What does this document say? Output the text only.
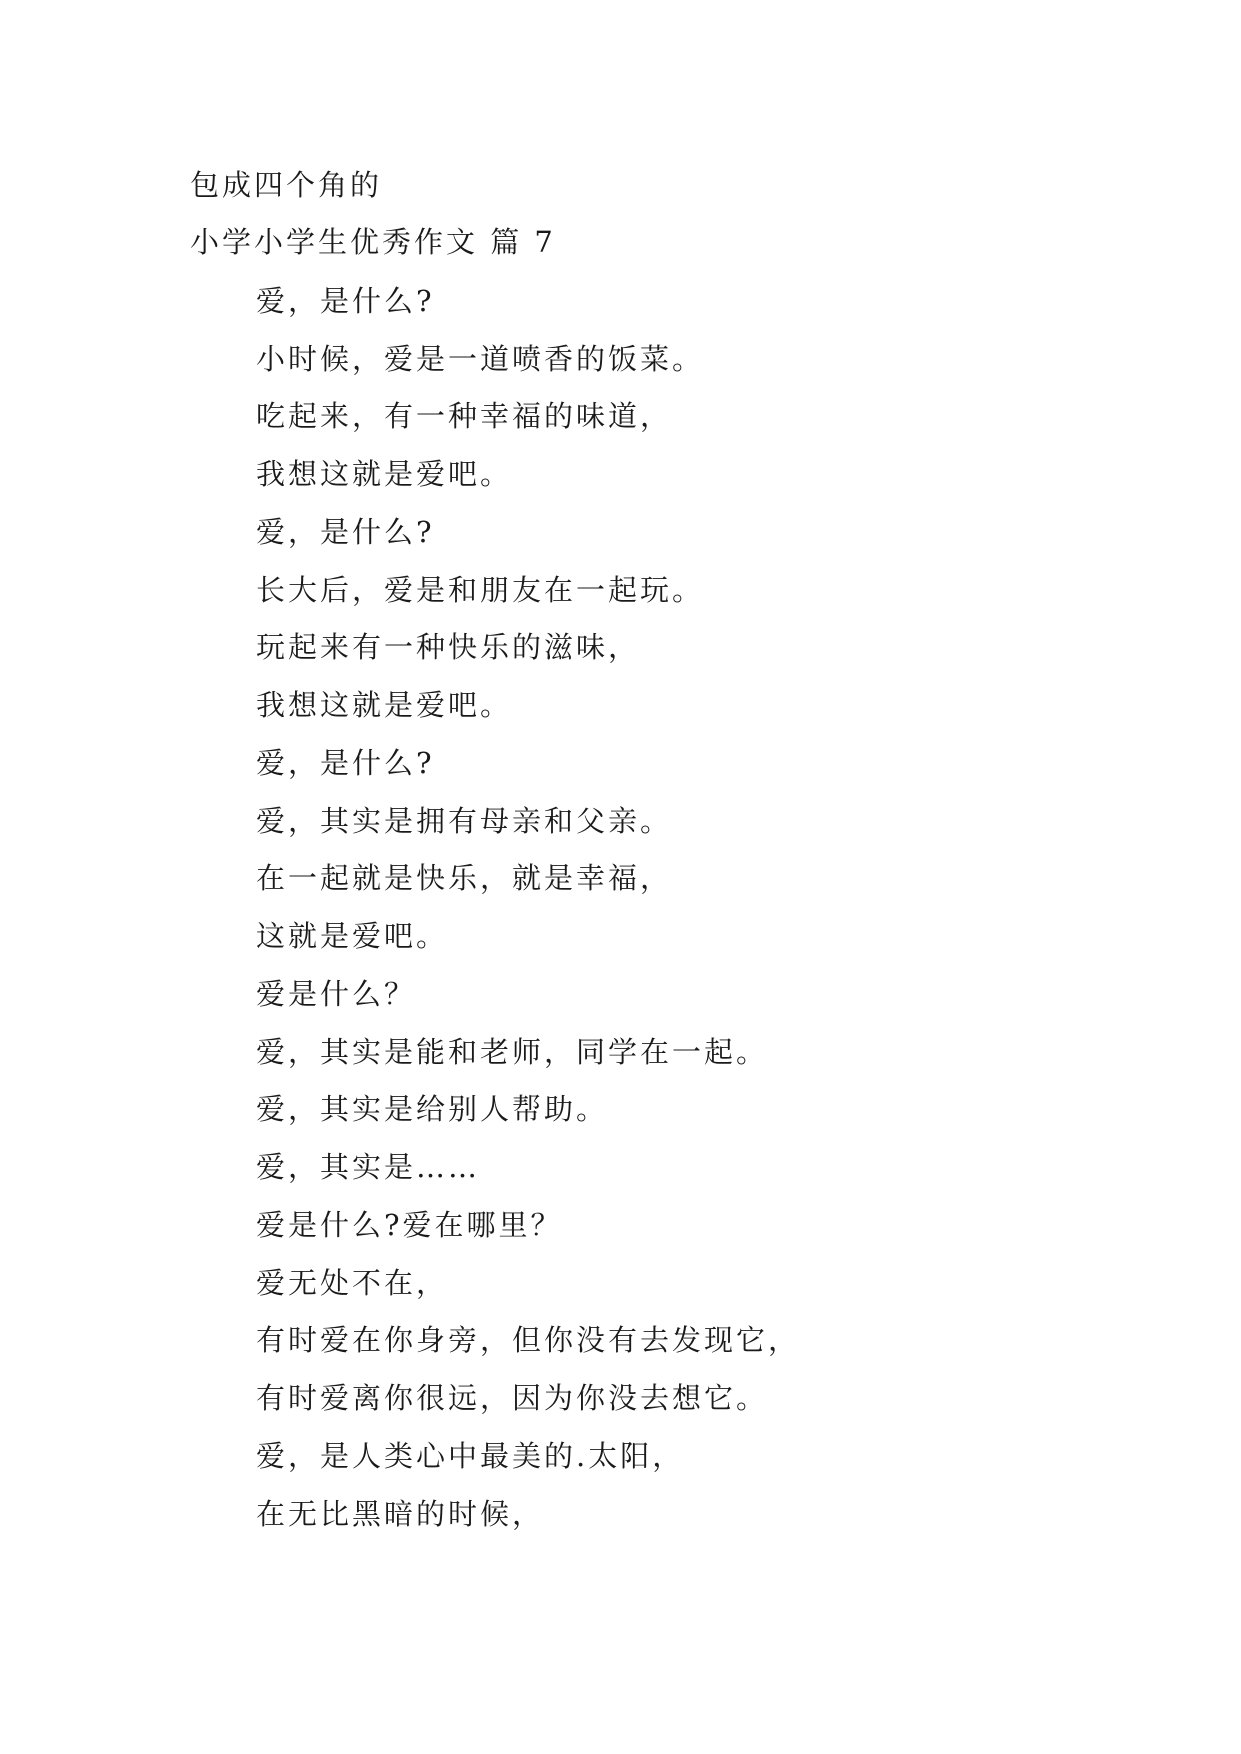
包成四个角的
小学小学生优秀作文 篇 7
爱，是什么?
小时候，爱是一道喷香的饭菜。
吃起来，有一种幸福的味道，
我想这就是爱吧。
爱，是什么?
长大后，爱是和朋友在一起玩。
玩起来有一种快乐的滋味，
我想这就是爱吧。
爱，是什么?
爱，其实是拥有母亲和父亲。
在一起就是快乐，就是幸福，
这就是爱吧。
爱是什么？
爱，其实是能和老师，同学在一起。
爱，其实是给别人帮助。
爱，其实是……
爱是什么?爱在哪里？
爱无处不在，
有时爱在你身旁，但你没有去发现它，
有时爱离你很远，因为你没去想它。
爱，是人类心中最美的.太阳，
在无比黑暗的时候，
